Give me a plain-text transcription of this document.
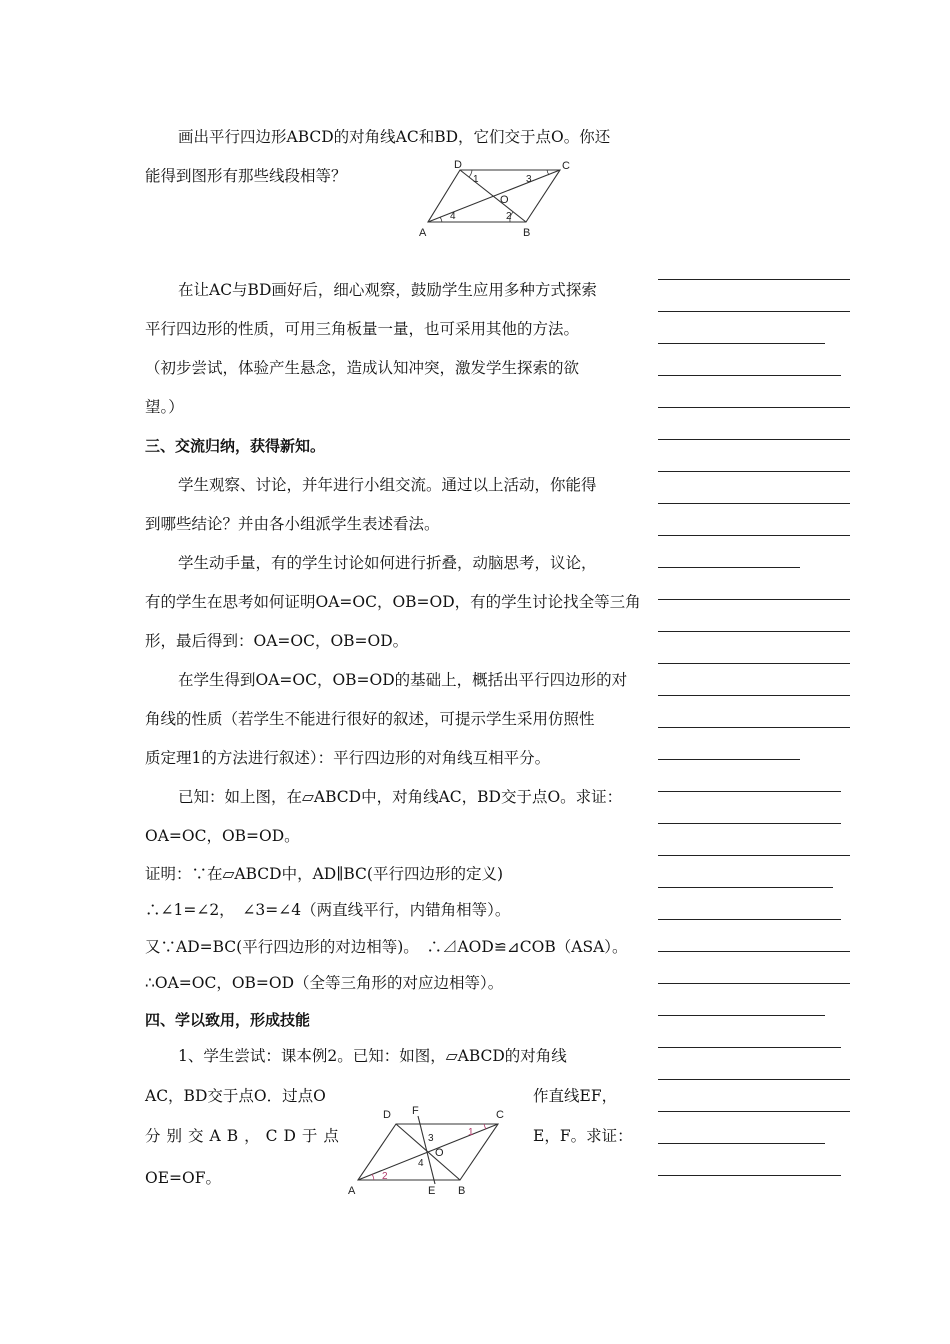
画出平行四边形ABCD的对角线AC和BD，它们交于点O。你还
能得到图形有那些线段相等？
D	C
A	B
O
1
2
3
4
在让AC与BD画好后，细心观察，鼓励学生应用多种方式探索
平行四边形的性质，可用三角板量一量，也可采用其他的方法。
（初步尝试，体验产生悬念，造成认知冲突，激发学生探索的欲
望。）
三、交流归纳，获得新知。
学生观察、讨论，并年进行小组交流。通过以上活动，你能得
到哪些结论？并由各小组派学生表述看法。
学生动手量，有的学生讨论如何进行折叠，动脑思考，议论，
有的学生在思考如何证明OA=OC，OB=OD，有的学生讨论找全等三角
形，最后得到：OA=OC，OB=OD。
在学生得到OA=OC，OB=OD的基础上，概括出平行四边形的对
角线的性质（若学生不能进行很好的叙述，可提示学生采用仿照性
质定理1的方法进行叙述）：平行四边形的对角线互相平分。
已知：如上图，在▱ABCD中，对角线AC，BD交于点O。求证：
OA=OC，OB=OD。
证明：∵在▱ABCD中，AD∥BC(平行四边形的定义)
∴∠1=∠2，　∠3=∠4（两直线平行，内错角相等）。
又∵AD=BC(平行四边形的对边相等)。　∴⊿AOD≌⊿COB（ASA）。
∴OA=OC，OB=OD（全等三角形的对应边相等）。
四、学以致用，形成技能
1、学生尝试：课本例2。已知：如图，▱ABCD的对角线
AC，BD交于点O．过点O	作直线EF，
分别交AB，CD于点	E，F。求证：
OE=OF。
D F	C
A	E B
O
1
2
3
4
